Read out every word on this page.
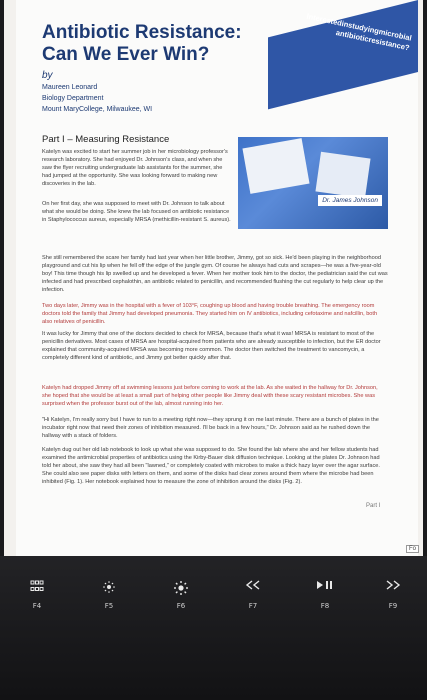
Interestedinstudyingmicrobial antibioticresistance?
Antibiotic Resistance:
Can We Ever Win?
by
Maureen Leonard
Biology Department
Mount MaryCollege, Milwaukee, WI
Part I – Measuring Resistance

Katelyn was excited to start her summer job in her microbiology professor's research laboratory. She had enjoyed Dr. Johnson's class, and when she saw the flyer recruiting undergraduate lab assistants for the summer, she had jumped at the opportunity. She was looking forward to making new discoveries in the lab.

On her first day, she was supposed to meet with Dr. Johnson to talk about what she would be doing. She knew the lab focused on antibiotic resistance in Staphylococcus aureus, especially MRSA (methicillin-resistant S. aureus).

Dr. James Johnson

She still remembered the scare her family had last year when her little brother, Jimmy, got so sick. He'd been playing in the neighborhood playground and cut his lip when he fell off the edge of the jungle gym. Of course he always had cuts and scrapes—he was a five-year-old boy! This time though his lip swelled up and he developed a fever. When her mother took him to the doctor, the pediatrician said the cut was infected and had prescribed cephalothin, an antibiotic related to penicillin, and recommended flushing the cut regularly to help clear up the infection.

Two days later, Jimmy was in the hospital with a fever of 103°F, coughing up blood and having trouble breathing. The emergency room doctors told the family that Jimmy had developed pneumonia. They started him on IV antibiotics, including cefotaxime and nafcillin, both also relatives of penicillin.

It was lucky for Jimmy that one of the doctors decided to check for MRSA, because that's what it was! MRSA is resistant to most of the penicillin derivatives. Most cases of MRSA are hospital-acquired from patients who are already susceptible to infection, but the ER doctor explained that community-acquired MRSA was becoming more common. The doctor then switched the treatment to vancomycin, a completely different kind of antibiotic, and Jimmy got better quickly after that.

Katelyn had dropped Jimmy off at swimming lessons just before coming to work at the lab. As she waited in the hallway for Dr. Johnson, she hoped that she would be at least a small part of helping other people like Jimmy deal with these scary resistant microbes. She was surprised when the professor burst out of the lab, almost running into her.

"Hi Katelyn, I'm really sorry but I have to run to a meeting right now—they sprung it on me last minute. There are a bunch of plates in the incubator right now that need their zones of inhibition measured. I'll be back in a few hours," Dr. Johnson said as he rushed down the hallway with a stack of folders.

Katelyn dug out her old lab notebook to look up what she was supposed to do. She found the lab where she and her fellow students had examined the antimicrobial properties of antibiotics using the Kirby-Bauer disk diffusion technique. Looking at the plates Dr. Johnson had told her about, she saw they had all been "lawned," or completely coated with microbes to make a thick hazy layer over the agar surface. She could also see paper disks with letters on them, and some of the disks had clear zones around them where the microbe had been inhibited (Fig. 1). Her notebook explained how to measure the zone of inhibition around the disks (Fig. 2).

Part I
Fo
F4	F5	F6	F7	F8	F9
